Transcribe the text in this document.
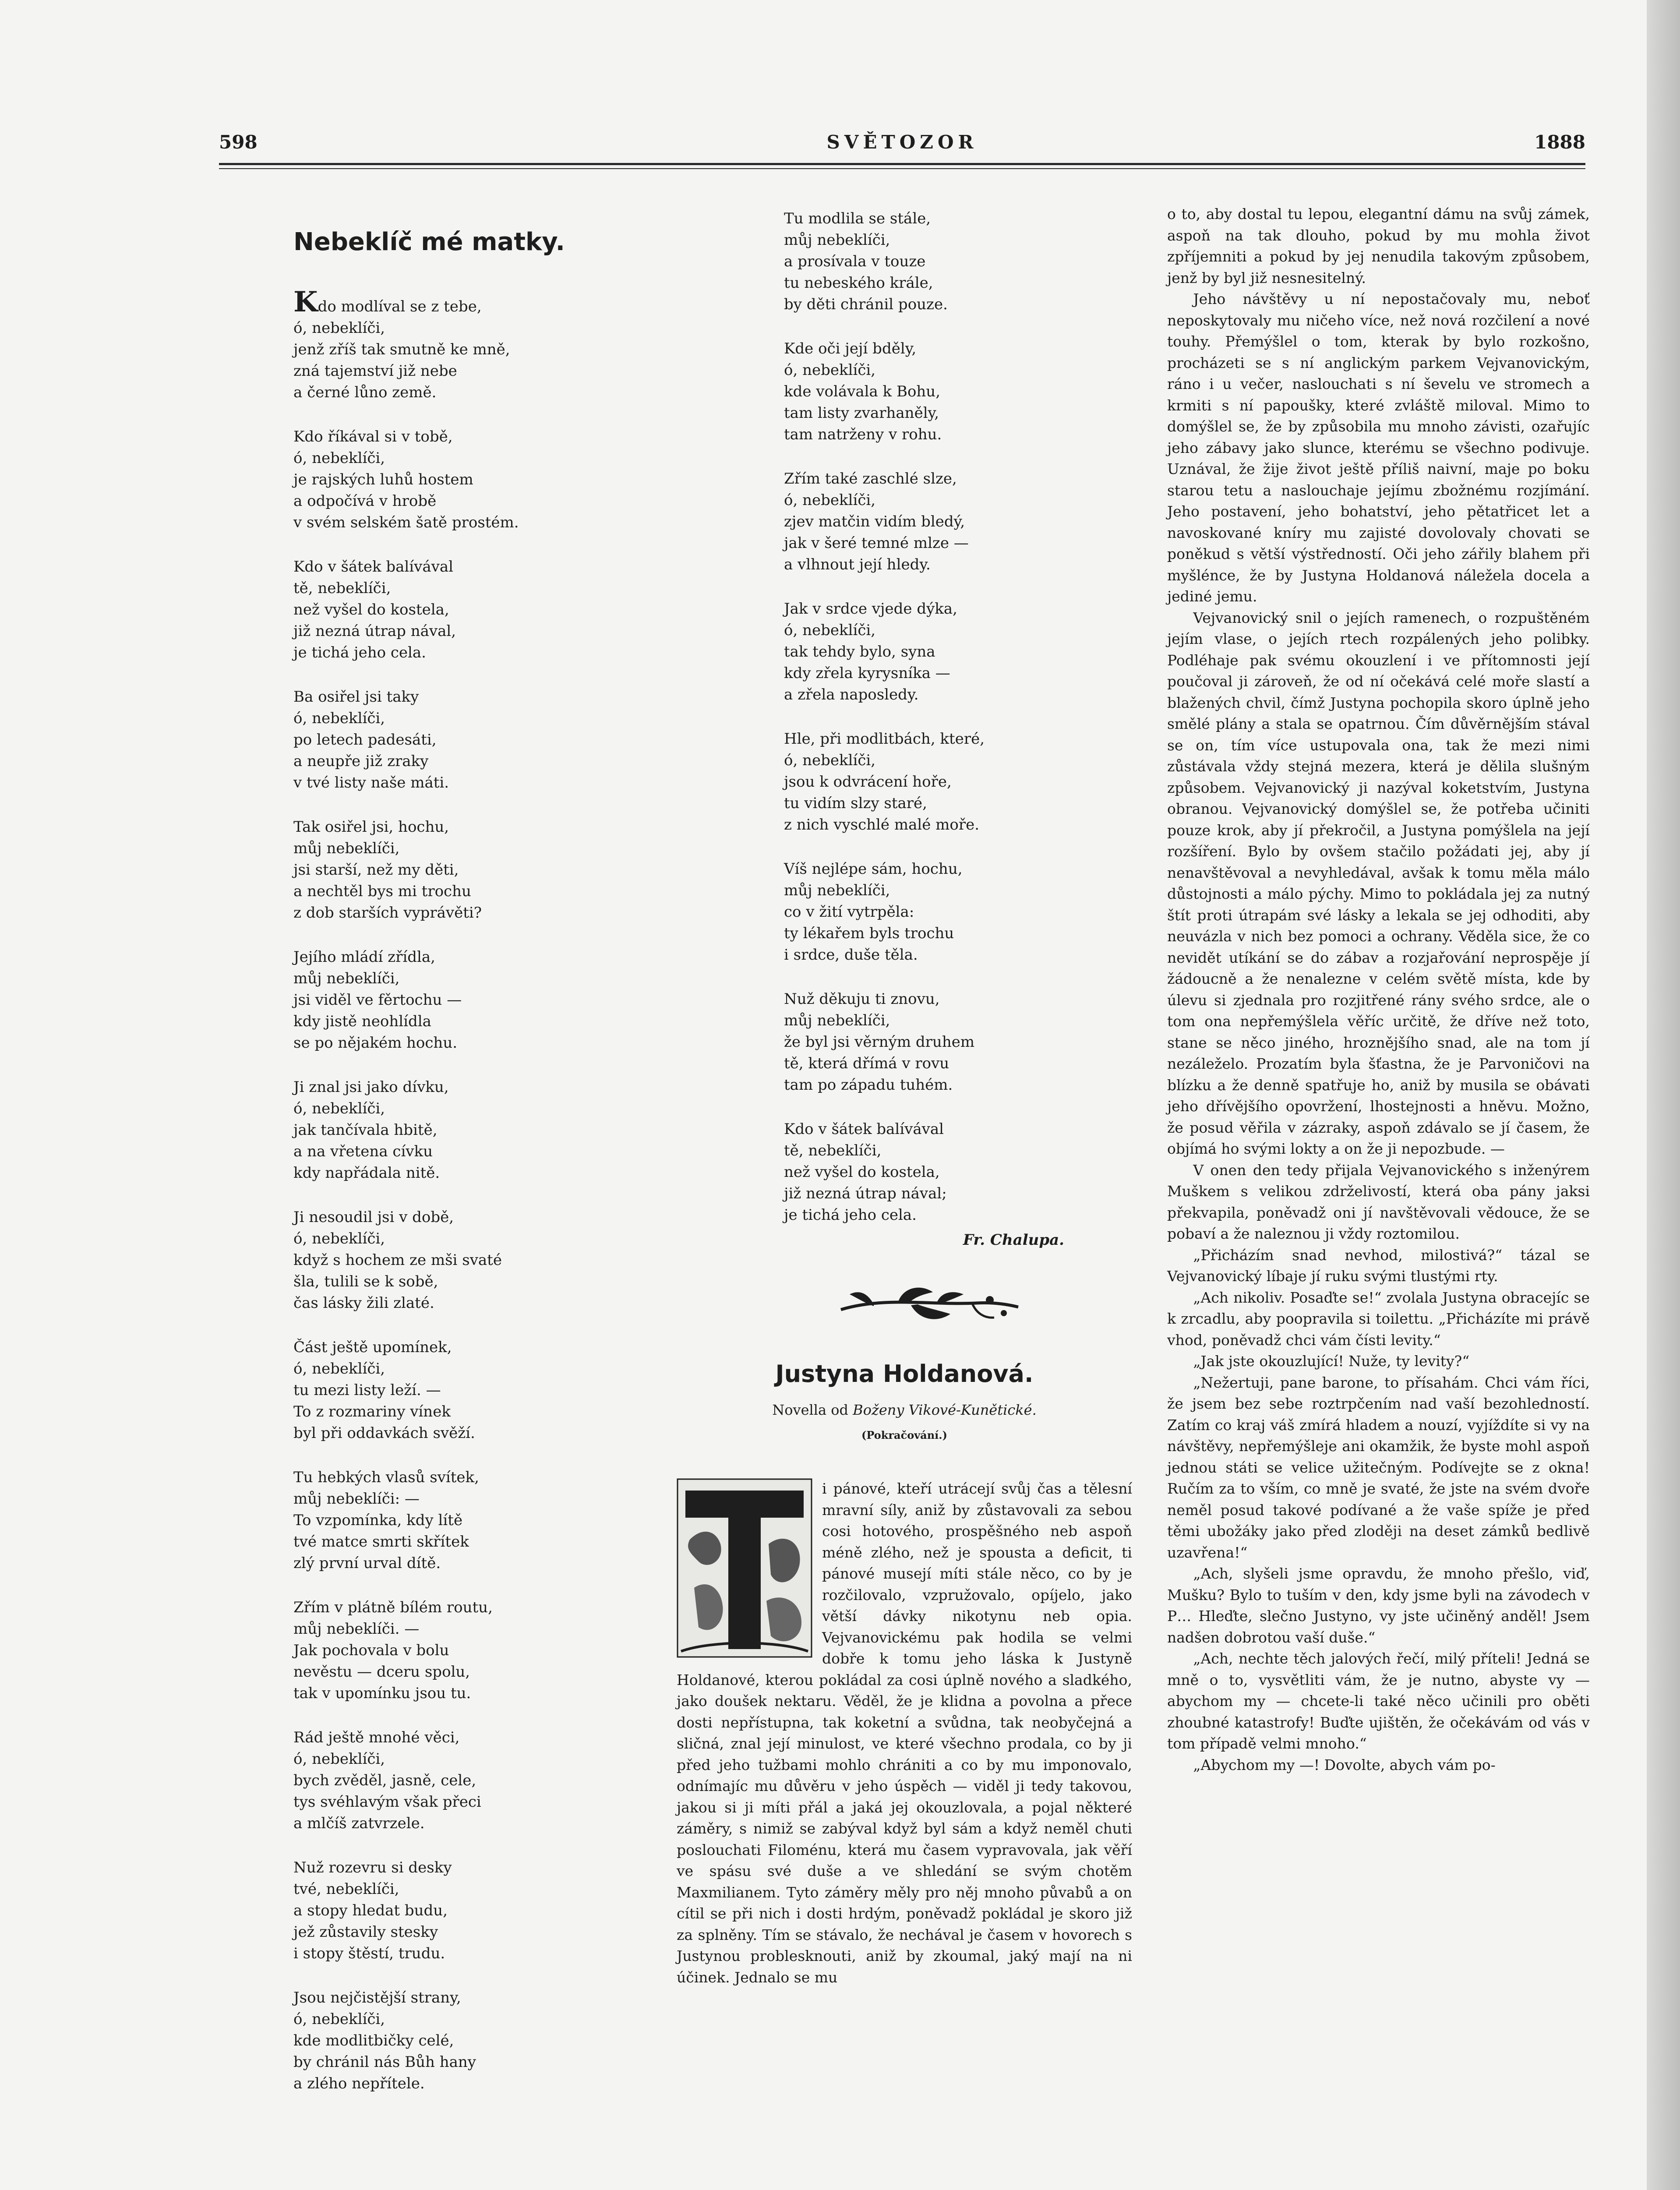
598	SVĚTOZOR	1888
Nebeklíč mé matky.
Kdo modlíval se z tebe,
ó, nebeklíči,
jenž zříš tak smutně ke mně,
zná tajemství již nebe
a černé lůno země.
Kdo říkával si v tobě,
ó, nebeklíči,
je rajských luhů hostem
a odpočívá v hrobě
v svém selském šatě prostém.
Kdo v šátek balívával
tě, nebeklíči,
než vyšel do kostela,
již nezná útrap nával,
je tichá jeho cela.
Ba osiřel jsi taky
ó, nebeklíči,
po letech padesáti,
a neupře již zraky
v tvé listy naše máti.
Tak osiřel jsi, hochu,
můj nebeklíči,
jsi starší, než my děti,
a nechtěl bys mi trochu
z dob starších vyprávěti?
Jejího mládí zřídla,
můj nebeklíči,
jsi viděl ve fěrtochu —
kdy jistě neohlídla
se po nějakém hochu.
Ji znal jsi jako dívku,
ó, nebeklíči,
jak tančívala hbitě,
a na vřetena cívku
kdy napřádala nitě.
Ji nesoudil jsi v době,
ó, nebeklíči,
když s hochem ze mši svaté
šla, tulili se k sobě,
čas lásky žili zlaté.
Část ještě upomínek,
ó, nebeklíči,
tu mezi listy leží. —
To z rozmariny vínek
byl při oddavkách svěží.
Tu hebkých vlasů svítek,
můj nebeklíči: —
To vzpomínka, kdy lítě
tvé matce smrti skřítek
zlý první urval dítě.
Zřím v plátně bílém routu,
můj nebeklíči. —
Jak pochovala v bolu
nevěstu — dceru spolu,
tak v upomínku jsou tu.
Rád ještě mnohé věci,
ó, nebeklíči,
bych zvěděl, jasně, cele,
tys svéhlavým však přeci
a mlčíš zatvrzele.
Nuž rozevru si desky
tvé, nebeklíči,
a stopy hledat budu,
jež zůstavily stesky
i stopy štěstí, trudu.
Jsou nejčistější strany,
ó, nebeklíči,
kde modlitbičky celé,
by chránil nás Bůh hany
a zlého nepřítele.
Tu modlila se stále,
můj nebeklíči,
a prosívala v touze
tu nebeského krále,
by děti chránil pouze.
Kde oči její bděly,
ó, nebeklíči,
kde volávala k Bohu,
tam listy zvarhaněly,
tam natrženy v rohu.
Zřím také zaschlé slze,
ó, nebeklíči,
zjev matčin vidím bledý,
jak v šeré temné mlze —
a vlhnout její hledy.
Jak v srdce vjede dýka,
ó, nebeklíči,
tak tehdy bylo, syna
kdy zřela kyrysníka —
a zřela naposledy.
Hle, při modlitbách, které,
ó, nebeklíči,
jsou k odvrácení hoře,
tu vidím slzy staré,
z nich vyschlé malé moře.
Víš nejlépe sám, hochu,
můj nebeklíči,
co v žití vytrpěla:
ty lékařem byls trochu
i srdce, duše těla.
Nuž děkuju ti znovu,
můj nebeklíči,
že byl jsi věrným druhem
tě, která dřímá v rovu
tam po západu tuhém.
Kdo v šátek balívával
tě, nebeklíči,
než vyšel do kostela,
již nezná útrap nával;
je tichá jeho cela.
Fr. Chalupa.
Justyna Holdanová.
Novella od Boženy Vikové-Kunětické.
(Pokračování.)

i pánové, kteří utrácejí svůj čas a tělesní mravní síly, aniž by zůstavovali za sebou cosi hotového, prospěšného neb aspoň méně zlého, než je spousta a deficit, ti pánové musejí míti stále něco, co by je rozčilovalo, vzpružovalo, opíjelo, jako větší dávky nikotynu neb opia. Vejvanovickému pak hodila se velmi dobře k tomu jeho láska k Justyně Holdanové, kterou pokládal za cosi úplně nového a sladkého, jako doušek nektaru. Věděl, že je klidna a povolna a přece dosti nepřístupna, tak koketní a svůdna, tak neobyčejná a sličná, znal její minulost, ve které všechno prodala, co by ji před jeho tužbami mohlo chrániti a co by mu imponovalo, odnímajíc mu důvěru v jeho úspěch — viděl ji tedy takovou, jakou si ji míti přál a jaká jej okouzlovala, a pojal některé záměry, s nimiž se zabýval když byl sám a když neměl chuti poslouchati Filoménu, která mu časem vypravovala, jak věří ve spásu své duše a ve shledání se svým chotěm Maxmilianem. Tyto záměry měly pro něj mnoho půvabů a on cítil se při nich i dosti hrdým, poněvadž pokládal je skoro již za splněny. Tím se stávalo, že nechával je časem v hovorech s Justynou problesknouti, aniž by zkoumal, jaký mají na ni účinek. Jednalo se mu

o to, aby dostal tu lepou, elegantní dámu na svůj zámek, aspoň na tak dlouho, pokud by mu mohla život zpříjemniti a pokud by jej nenudila takovým způsobem, jenž by byl již nesnesitelný.

Jeho návštěvy u ní nepostačovaly mu, neboť neposkytovaly mu ničeho více, než nová rozčilení a nové touhy. Přemýšlel o tom, kterak by bylo rozkošno, procházeti se s ní anglickým parkem Vejvanovickým, ráno i u večer, naslouchati s ní ševelu ve stromech a krmiti s ní papoušky, které zvláště miloval. Mimo to domýšlel se, že by způsobila mu mnoho závisti, ozařujíc jeho zábavy jako slunce, kterému se všechno podivuje. Uznával, že žije život ještě příliš naivní, maje po boku starou tetu a naslouchaje jejímu zbožnému rozjímání. Jeho postavení, jeho bohatství, jeho pětatřicet let a navoskované kníry mu zajisté dovolovaly chovati se poněkud s větší výstředností. Oči jeho zářily blahem při myšlénce, že by Justyna Holdanová náležela docela a jediné jemu.

Vejvanovický snil o jejích ramenech, o rozpuštěném jejím vlase, o jejích rtech rozpálených jeho polibky. Podléhaje pak svému okouzlení i ve přítomnosti její poučoval ji zároveň, že od ní očekává celé moře slastí a blažených chvil, čímž Justyna pochopila skoro úplně jeho smělé plány a stala se opatrnou. Čím důvěrnějším stával se on, tím více ustupovala ona, tak že mezi nimi zůstávala vždy stejná mezera, která je dělila slušným způsobem. Vejvanovický ji nazýval koketstvím, Justyna obranou. Vejvanovický domýšlel se, že potřeba učiniti pouze krok, aby jí překročil, a Justyna pomýšlela na její rozšíření. Bylo by ovšem stačilo požádati jej, aby jí nenavštěvoval a nevyhledával, avšak k tomu měla málo důstojnosti a málo pýchy. Mimo to pokládala jej za nutný štít proti útrapám své lásky a lekala se jej odhoditi, aby neuvázla v nich bez pomoci a ochrany. Věděla sice, že co nevidět utíkání se do zábav a rozjařování neprospěje jí žádoucně a že nenalezne v celém světě místa, kde by úlevu si zjednala pro rozjitřené rány svého srdce, ale o tom ona nepřemýšlela věříc určitě, že dříve než toto, stane se něco jiného, hroznějšího snad, ale na tom jí nezáleželo. Prozatím byla šťastna, že je Parvoničovi na blízku a že denně spatřuje ho, aniž by musila se obávati jeho dřívějšího opovržení, lhostejnosti a hněvu. Možno, že posud věřila v zázraky, aspoň zdávalo se jí časem, že objímá ho svými lokty a on že ji nepozbude. —

V onen den tedy přijala Vejvanovického s inženýrem Muškem s velikou zdrželivostí, která oba pány jaksi překvapila, poněvadž oni jí navštěvovali vědouce, že se pobaví a že naleznou ji vždy roztomilou.

„Přicházím snad nevhod, milostivá?“ tázal se Vejvanovický líbaje jí ruku svými tlustými rty.

„Ach nikoliv. Posaďte se!“ zvolala Justyna obracejíc se k zrcadlu, aby poopravila si toilettu. „Přicházíte mi právě vhod, poněvadž chci vám čísti levity.“

„Jak jste okouzlující! Nuže, ty levity?“

„Nežertuji, pane barone, to přísahám. Chci vám říci, že jsem bez sebe roztrpčením nad vaší bezohledností. Zatím co kraj váš zmírá hladem a nouzí, vyjíždíte si vy na návštěvy, nepřemýšleje ani okamžik, že byste mohl aspoň jednou státi se velice užitečným. Podívejte se z okna! Ručím za to vším, co mně je svaté, že jste na svém dvoře neměl posud takové podívané a že vaše spíže je před těmi ubožáky jako před zloději na deset zámků bedlivě uzavřena!“

„Ach, slyšeli jsme opravdu, že mnoho přešlo, viď, Mušku? Bylo to tuším v den, kdy jsme byli na závodech v P… Hleďte, slečno Justyno, vy jste učiněný anděl! Jsem nadšen dobrotou vaší duše.“

„Ach, nechte těch jalových řečí, milý příteli! Jedná se mně o to, vysvětliti vám, že je nutno, abyste vy — abychom my — chcete-li také něco učinili pro oběti zhoubné katastrofy! Buďte ujištěn, že očekávám od vás v tom případě velmi mnoho.“

„Abychom my —! Dovolte, abych vám po-
